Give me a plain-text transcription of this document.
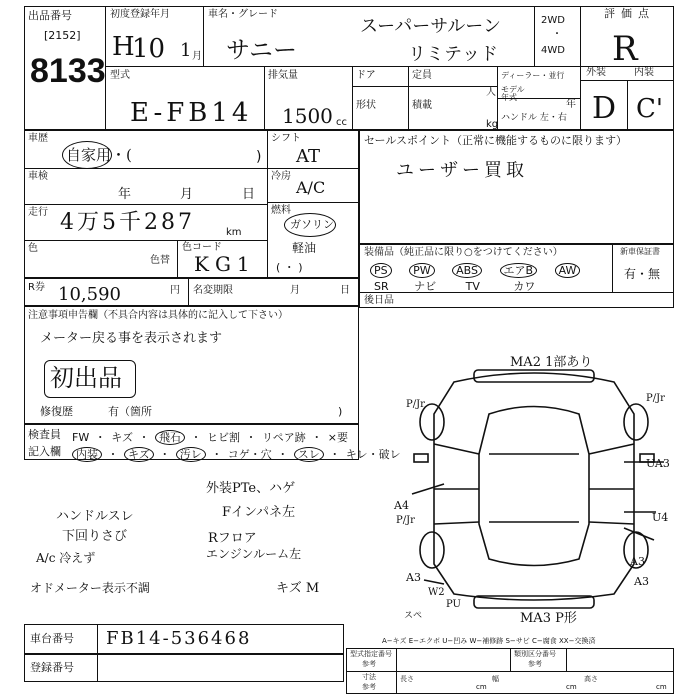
出品番号
[2152]
8133
初度登録年月
H
10 1 月
車名・グレード
サニー
スーパーサルーン
リミテッド
2WD
・
4WD
評価点
R
型式
E-FB14
排気量
1500 cc
ドア	定員
人
形状	積載
kg
ディーラー・並行
モデル
年式
年
ハンドル 左・右
外装	内装
D C'
車歴
自家用・(	)
車検
年	月	日
走行 4万5千287	km
色
色替
色コード
KG1
シフト
AT
冷房
A/C
燃料
ガソリン
軽油
( ・ )
セールスポイント（正常に機能するものに限ります）
ユーザー買取
装備品（純正品に限り○をつけてください）	新車保証書
有・無
PS PW ABS エアB AW
SR ナビ	TV	カワ
後日品
R券 10,590	円 名変期限	月	日
注意事項申告欄（不具合内容は具体的に記入して下さい）
メーター戻る事を表示されます
初出品
修復歴	有（箇所	)
検査員
記入欄
FW ・ キズ ・ 飛石 ・ ヒビ割 ・ リペア跡 ・ ×要
内装 ・ キズ ・ 汚レ ・ コゲ・穴 ・ スレ ・ キレ・破レ
外装PTe、ハゲ
ハンドルスレ	Fインパネ左
下回りさび	Rフロア
A/c 冷えず	エンジンルーム左
オドメーター表示不調	キズ M
MA2 1部あり
MA3 P形
P/Jr
A4
P/Jr
A3
W2
スペ
PU
P/Jr
UA3
U4
A3
A3
車台番号 FB14-536468
登録番号
A−キズ E−エクボ U−凹み W−補修跡 S−サビ C−腐食 XX−交換済
型式指定番号
参考
類別区分番号
参考
寸法
参考
長さ
cm
幅
cm
高さ
cm
